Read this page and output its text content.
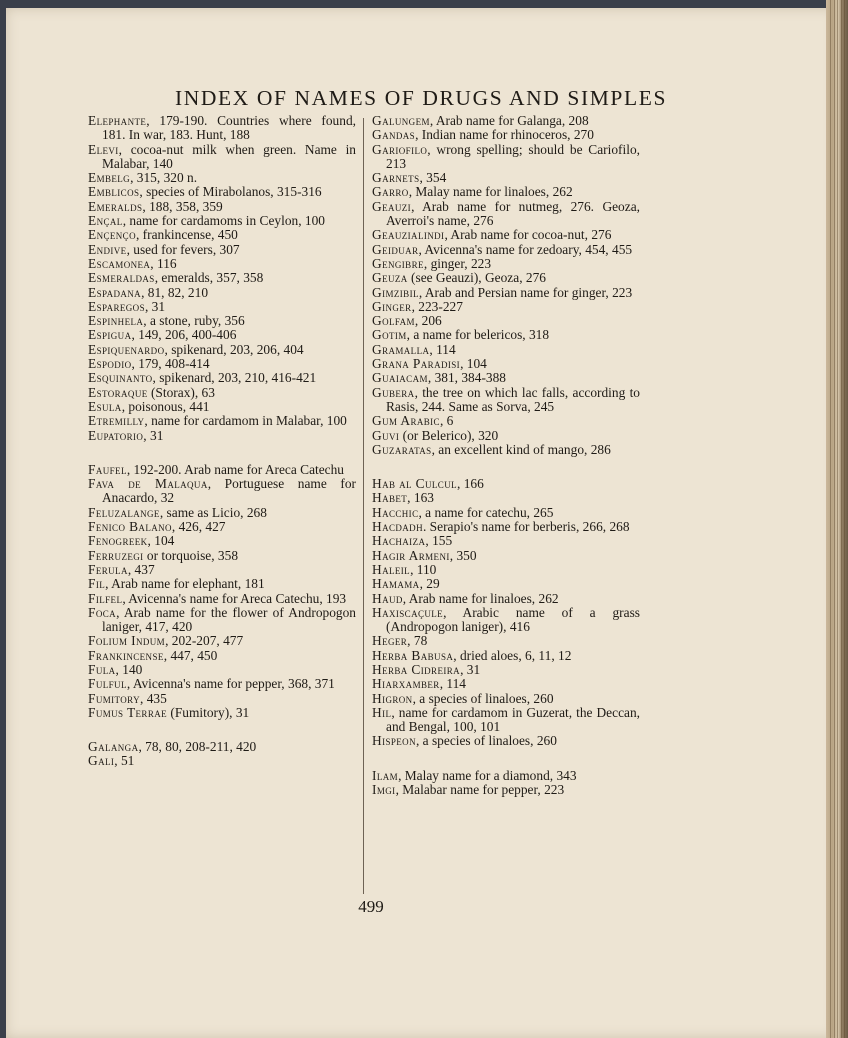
INDEX OF NAMES OF DRUGS AND SIMPLES

Elephante, 179-190. Countries where found, 181. In war, 183. Hunt, 188

Elevi, cocoa-nut milk when green. Name in Malabar, 140

Embelg, 315, 320 n.

Emblicos, species of Mirabolanos, 315-316

Emeralds, 188, 358, 359

Ençal, name for cardamoms in Ceylon, 100

Ençenço, frankincense, 450

Endive, used for fevers, 307

Escamonea, 116

Esmeraldas, emeralds, 357, 358

Espadana, 81, 82, 210

Esparegos, 31

Espinhela, a stone, ruby, 356

Espigua, 149, 206, 400-406

Espiquenardo, spikenard, 203, 206, 404

Espodio, 179, 408-414

Esquinanto, spikenard, 203, 210, 416-421

Estoraque (Storax), 63

Esula, poisonous, 441

Etremilly, name for cardamom in Malabar, 100

Eupatorio, 31

Faufel, 192-200. Arab name for Areca Catechu

Fava de Malaqua, Portuguese name for Anacardo, 32

Feluzalange, same as Licio, 268

Fenico Balano, 426, 427

Fenogreek, 104

Ferruzegi or torquoise, 358

Ferula, 437

Fil, Arab name for elephant, 181

Filfel, Avicenna's name for Areca Catechu, 193

Foca, Arab name for the flower of Andropogon laniger, 417, 420

Folium Indum, 202-207, 477

Frankincense, 447, 450

Fula, 140

Fulful, Avicenna's name for pepper, 368, 371

Fumitory, 435

Fumus Terrae (Fumitory), 31

Galanga, 78, 80, 208-211, 420

Gali, 51

Galungem, Arab name for Galanga, 208

Gandas, Indian name for rhinoceros, 270

Gariofilo, wrong spelling; should be Cariofilo, 213

Garnets, 354

Garro, Malay name for linaloes, 262

Geauzi, Arab name for nutmeg, 276. Geoza, Averroi's name, 276

Geauzialindi, Arab name for cocoa-nut, 276

Geiduar, Avicenna's name for zedoary, 454, 455

Gengibre, ginger, 223

Geuza (see Geauzi), Geoza, 276

Gimzibil, Arab and Persian name for ginger, 223

Ginger, 223-227

Golfam, 206

Gotim, a name for belericos, 318

Gramalla, 114

Grana Paradisi, 104

Guaiacam, 381, 384-388

Gubera, the tree on which lac falls, according to Rasis, 244. Same as Sorva, 245

Gum Arabic, 6

Guvi (or Belerico), 320

Guzaratas, an excellent kind of mango, 286

Hab al Culcul, 166

Habet, 163

Hacchic, a name for catechu, 265

Hacdadh. Serapio's name for berberis, 266, 268

Hachaiza, 155

Hagir Armeni, 350

Haleil, 110

Hamama, 29

Haud, Arab name for linaloes, 262

Haxiscaçule, Arabic name of a grass (Andropogon laniger), 416

Heger, 78

Herba Babusa, dried aloes, 6, 11, 12

Herba Cidreira, 31

Hiarxamber, 114

Higron, a species of linaloes, 260

Hil, name for cardamom in Guzerat, the Deccan, and Bengal, 100, 101

Hispeon, a species of linaloes, 260

Ilam, Malay name for a diamond, 343

Imgi, Malabar name for pepper, 223

499
